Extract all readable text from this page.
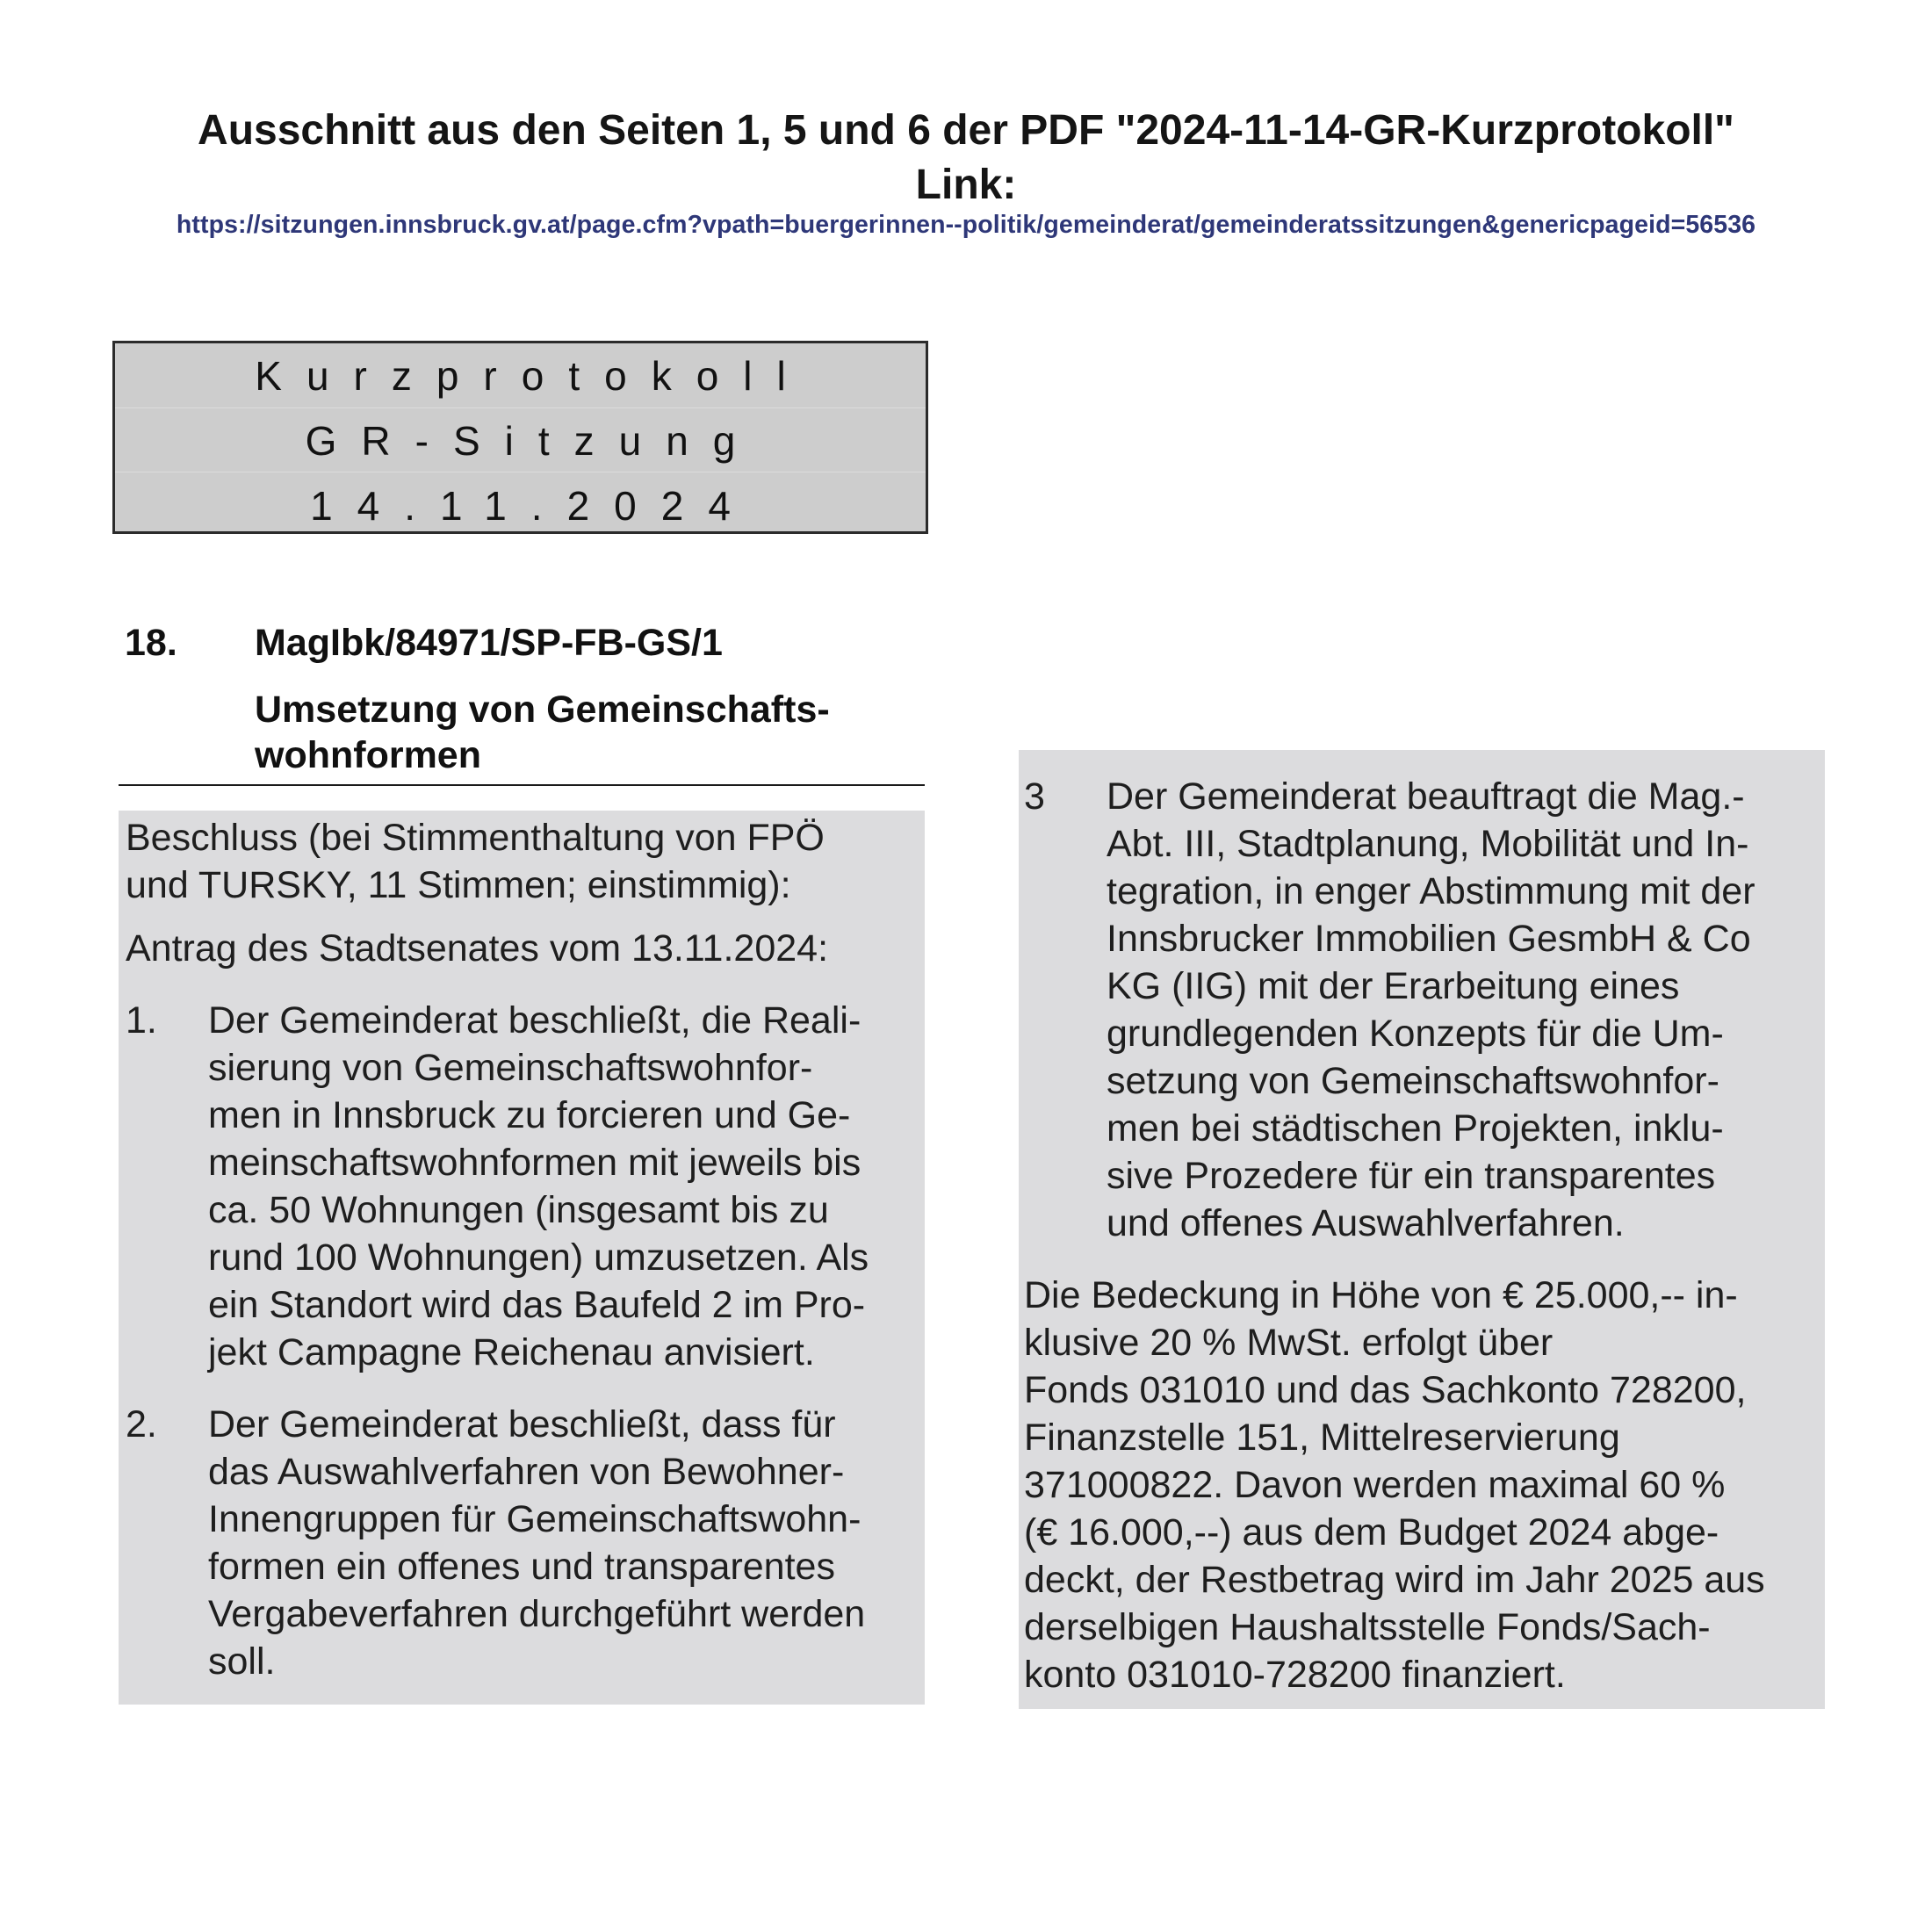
Ausschnitt aus den Seiten 1, 5 und 6 der PDF "2024-11-14-GR-Kurzprotokoll"
Link:
https://sitzungen.innsbruck.gv.at/page.cfm?vpath=buergerinnen--politik/gemeinderat/gemeinderatssitzungen&genericpageid=56536
Kurzprotokoll
GR-Sitzung
14.11.2024
18. MagIbk/84971/SP-FB-GS/1
Umsetzung von Gemeinschafts-
wohnformen
Beschluss (bei Stimmenthaltung von FPÖ
und TURSKY, 11 Stimmen; einstimmig):
Antrag des Stadtsenates vom 13.11.2024:
1. Der Gemeinderat beschließt, die Reali-
sierung von Gemeinschaftswohnfor-
men in Innsbruck zu forcieren und Ge-
meinschaftswohnformen mit jeweils bis
ca. 50 Wohnungen (insgesamt bis zu
rund 100 Wohnungen) umzusetzen. Als
ein Standort wird das Baufeld 2 im Pro-
jekt Campagne Reichenau anvisiert.
2. Der Gemeinderat beschließt, dass für
das Auswahlverfahren von Bewohner-
Innengruppen für Gemeinschaftswohn-
formen ein offenes und transparentes
Vergabeverfahren durchgeführt werden
soll.
3 Der Gemeinderat beauftragt die Mag.-
Abt. III, Stadtplanung, Mobilität und In-
tegration, in enger Abstimmung mit der
Innsbrucker Immobilien GesmbH & Co
KG (IIG) mit der Erarbeitung eines
grundlegenden Konzepts für die Um-
setzung von Gemeinschaftswohnfor-
men bei städtischen Projekten, inklu-
sive Prozedere für ein transparentes
und offenes Auswahlverfahren.
Die Bedeckung in Höhe von € 25.000,-- in-
klusive 20 % MwSt. erfolgt über
Fonds 031010 und das Sachkonto 728200,
Finanzstelle 151, Mittelreservierung
371000822. Davon werden maximal 60 %
(€ 16.000,--) aus dem Budget 2024 abge-
deckt, der Restbetrag wird im Jahr 2025 aus
derselbigen Haushaltsstelle Fonds/Sach-
konto 031010-728200 finanziert.
